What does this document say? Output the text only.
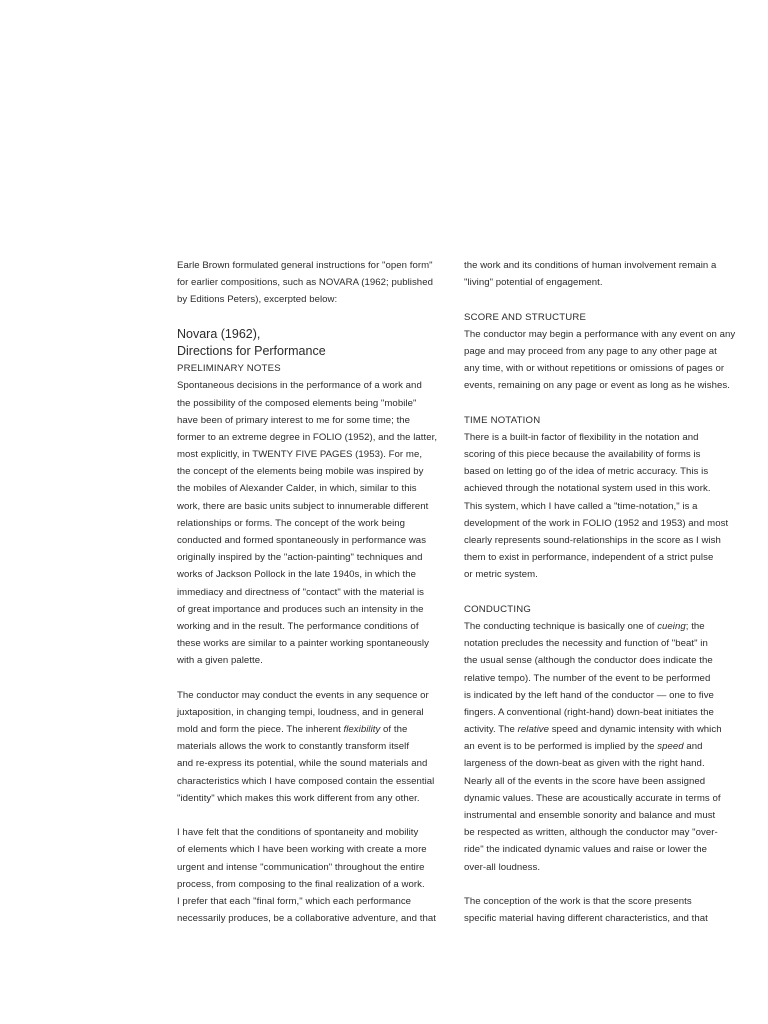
Earle Brown formulated general instructions for "open form"
for earlier compositions, such as NOVARA (1962; published
by Editions Peters), excerpted below:
Novara (1962),
Directions for Performance
PRELIMINARY NOTES
Spontaneous decisions in the performance of a work and
the possibility of the composed elements being "mobile"
have been of primary interest to me for some time; the
former to an extreme degree in FOLIO (1952), and the latter,
most explicitly, in TWENTY FIVE PAGES (1953). For me,
the concept of the elements being mobile was inspired by
the mobiles of Alexander Calder, in which, similar to this
work, there are basic units subject to innumerable different
relationships or forms. The concept of the work being
conducted and formed spontaneously in performance was
originally inspired by the "action-painting" techniques and
works of Jackson Pollock in the late 1940s, in which the
immediacy and directness of "contact" with the material is
of great importance and produces such an intensity in the
working and in the result. The performance conditions of
these works are similar to a painter working spontaneously
with a given palette.
The conductor may conduct the events in any sequence or
juxtaposition, in changing tempi, loudness, and in general
mold and form the piece. The inherent flexibility of the
materials allows the work to constantly transform itself
and re-express its potential, while the sound materials and
characteristics which I have composed contain the essential
"identity" which makes this work different from any other.
I have felt that the conditions of spontaneity and mobility
of elements which I have been working with create a more
urgent and intense "communication" throughout the entire
process, from composing to the final realization of a work.
I prefer that each "final form," which each performance
necessarily produces, be a collaborative adventure, and that
the work and its conditions of human involvement remain a
"living" potential of engagement.
SCORE AND STRUCTURE
The conductor may begin a performance with any event on any
page and may proceed from any page to any other page at
any time, with or without repetitions or omissions of pages or
events, remaining on any page or event as long as he wishes.
TIME NOTATION
There is a built-in factor of flexibility in the notation and
scoring of this piece because the availability of forms is
based on letting go of the idea of metric accuracy. This is
achieved through the notational system used in this work.
This system, which I have called a "time-notation," is a
development of the work in FOLIO (1952 and 1953) and most
clearly represents sound-relationships in the score as I wish
them to exist in performance, independent of a strict pulse
or metric system.
CONDUCTING
The conducting technique is basically one of cueing; the
notation precludes the necessity and function of "beat" in
the usual sense (although the conductor does indicate the
relative tempo). The number of the event to be performed
is indicated by the left hand of the conductor — one to five
fingers. A conventional (right-hand) down-beat initiates the
activity. The relative speed and dynamic intensity with which
an event is to be performed is implied by the speed and
largeness of the down-beat as given with the right hand.
Nearly all of the events in the score have been assigned
dynamic values. These are acoustically accurate in terms of
instrumental and ensemble sonority and balance and must
be respected as written, although the conductor may "over-
ride" the indicated dynamic values and raise or lower the
over-all loudness.
The conception of the work is that the score presents
specific material having different characteristics, and that
